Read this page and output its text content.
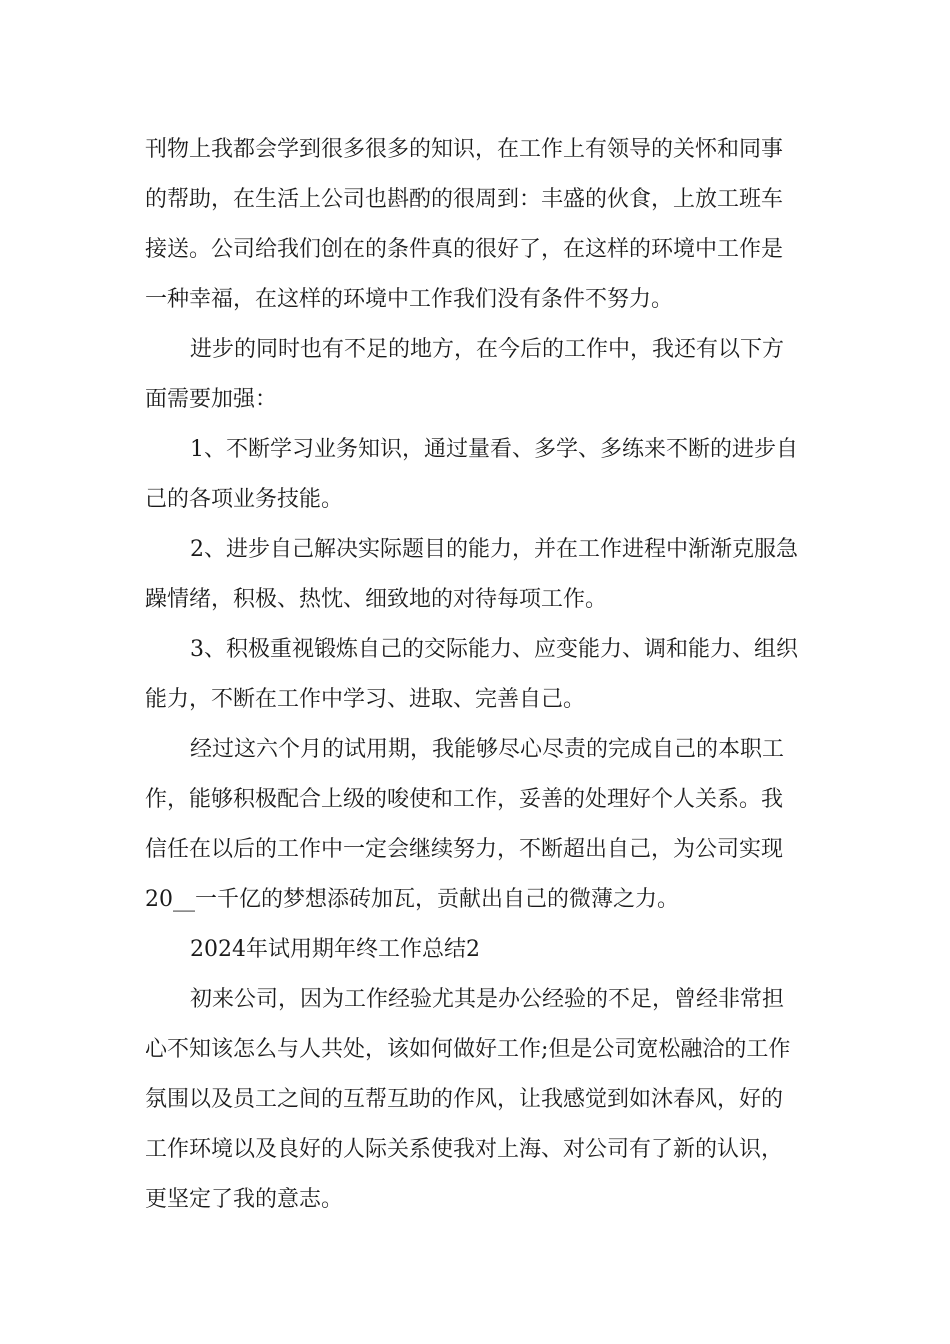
刊物上我都会学到很多很多的知识，在工作上有领导的关怀和同事
的帮助，在生活上公司也斟酌的很周到：丰盛的伙食，上放工班车
接送。公司给我们创在的条件真的很好了，在这样的环境中工作是
一种幸福，在这样的环境中工作我们没有条件不努力。
进步的同时也有不足的地方，在今后的工作中，我还有以下方
面需要加强：
1、不断学习业务知识，通过量看、多学、多练来不断的进步自
己的各项业务技能。
2、进步自己解决实际题目的能力，并在工作进程中渐渐克服急
躁情绪，积极、热忱、细致地的对待每项工作。
3、积极重视锻炼自己的交际能力、应变能力、调和能力、组织
能力，不断在工作中学习、进取、完善自己。
经过这六个月的试用期，我能够尽心尽责的完成自己的本职工
作，能够积极配合上级的唆使和工作，妥善的处理好个人关系。我
信任在以后的工作中一定会继续努力，不断超出自己，为公司实现
20__一千亿的梦想添砖加瓦，贡献出自己的微薄之力。
2024年试用期年终工作总结2
初来公司，因为工作经验尤其是办公经验的不足，曾经非常担
心不知该怎么与人共处，该如何做好工作;但是公司宽松融洽的工作
氛围以及员工之间的互帮互助的作风，让我感觉到如沐春风，好的
工作环境以及良好的人际关系使我对上海、对公司有了新的认识，
更坚定了我的意志。
